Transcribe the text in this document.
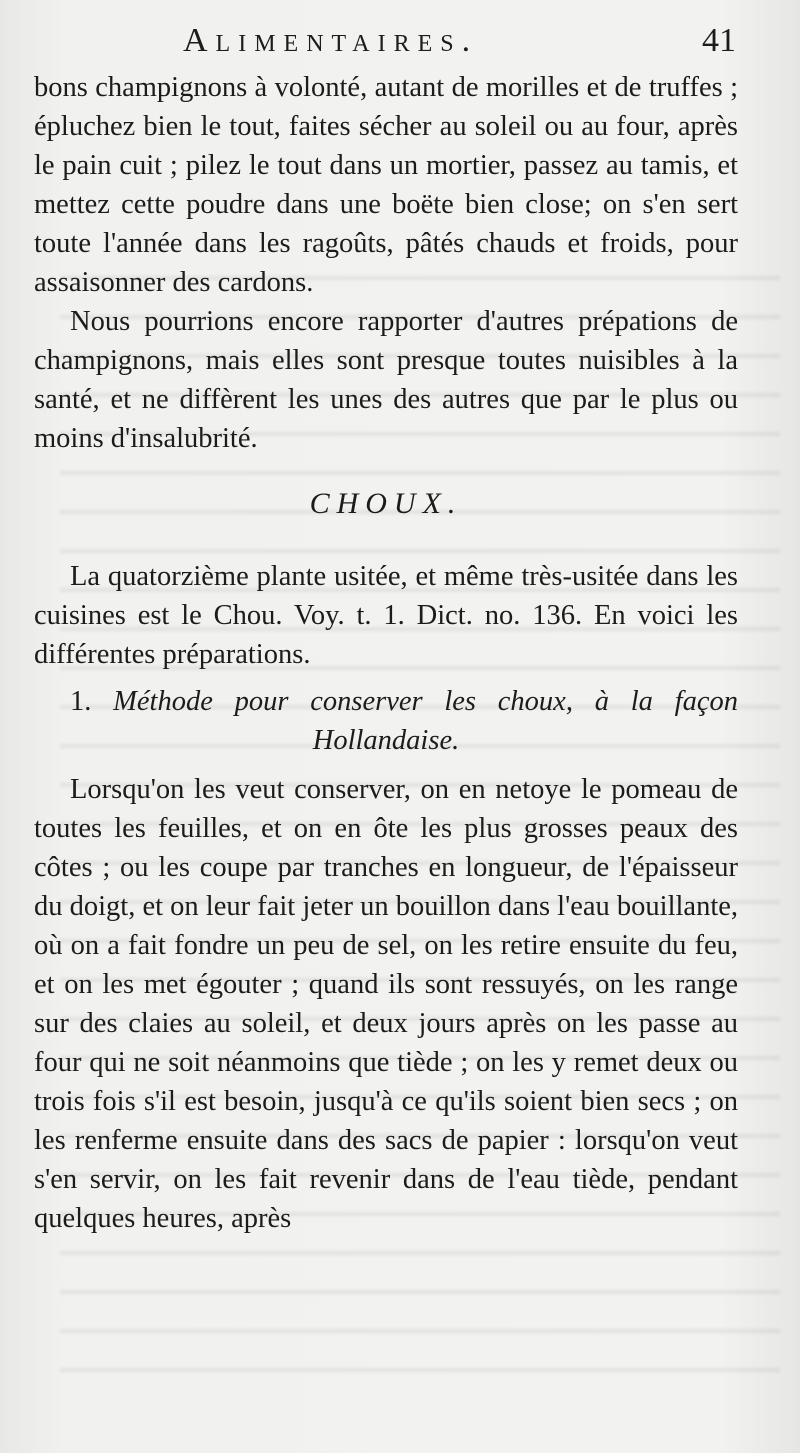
Alimentaires.	41

bons champignons à volonté, autant de morilles et de truffes ; épluchez bien le tout, faites sécher au soleil ou au four, après le pain cuit ; pilez le tout dans un mortier, passez au tamis, et mettez cette poudre dans une boëte bien close; on s'en sert toute l'année dans les ragoûts, pâtés chauds et froids, pour assaisonner des cardons.

Nous pourrions encore rapporter d'autres prépations de champignons, mais elles sont presque toutes nuisibles à la santé, et ne diffèrent les unes des autres que par le plus ou moins d'insalubrité.

CHOUX.

La quatorzième plante usitée, et même très-usitée dans les cuisines est le Chou. Voy. t. 1. Dict. no. 136. En voici les différentes préparations.

1. Méthode pour conserver les choux, à la façon
Hollandaise.

Lorsqu'on les veut conserver, on en netoye le pomeau de toutes les feuilles, et on en ôte les plus grosses peaux des côtes ; ou les coupe par tranches en longueur, de l'épaisseur du doigt, et on leur fait jeter un bouillon dans l'eau bouillante, où on a fait fondre un peu de sel, on les retire ensuite du feu, et on les met égouter ; quand ils sont ressuyés, on les range sur des claies au soleil, et deux jours après on les passe au four qui ne soit néanmoins que tiède ; on les y remet deux ou trois fois s'il est besoin, jusqu'à ce qu'ils soient bien secs ; on les renferme ensuite dans des sacs de papier : lorsqu'on veut s'en servir, on les fait revenir dans de l'eau tiède, pendant quelques heures, après
